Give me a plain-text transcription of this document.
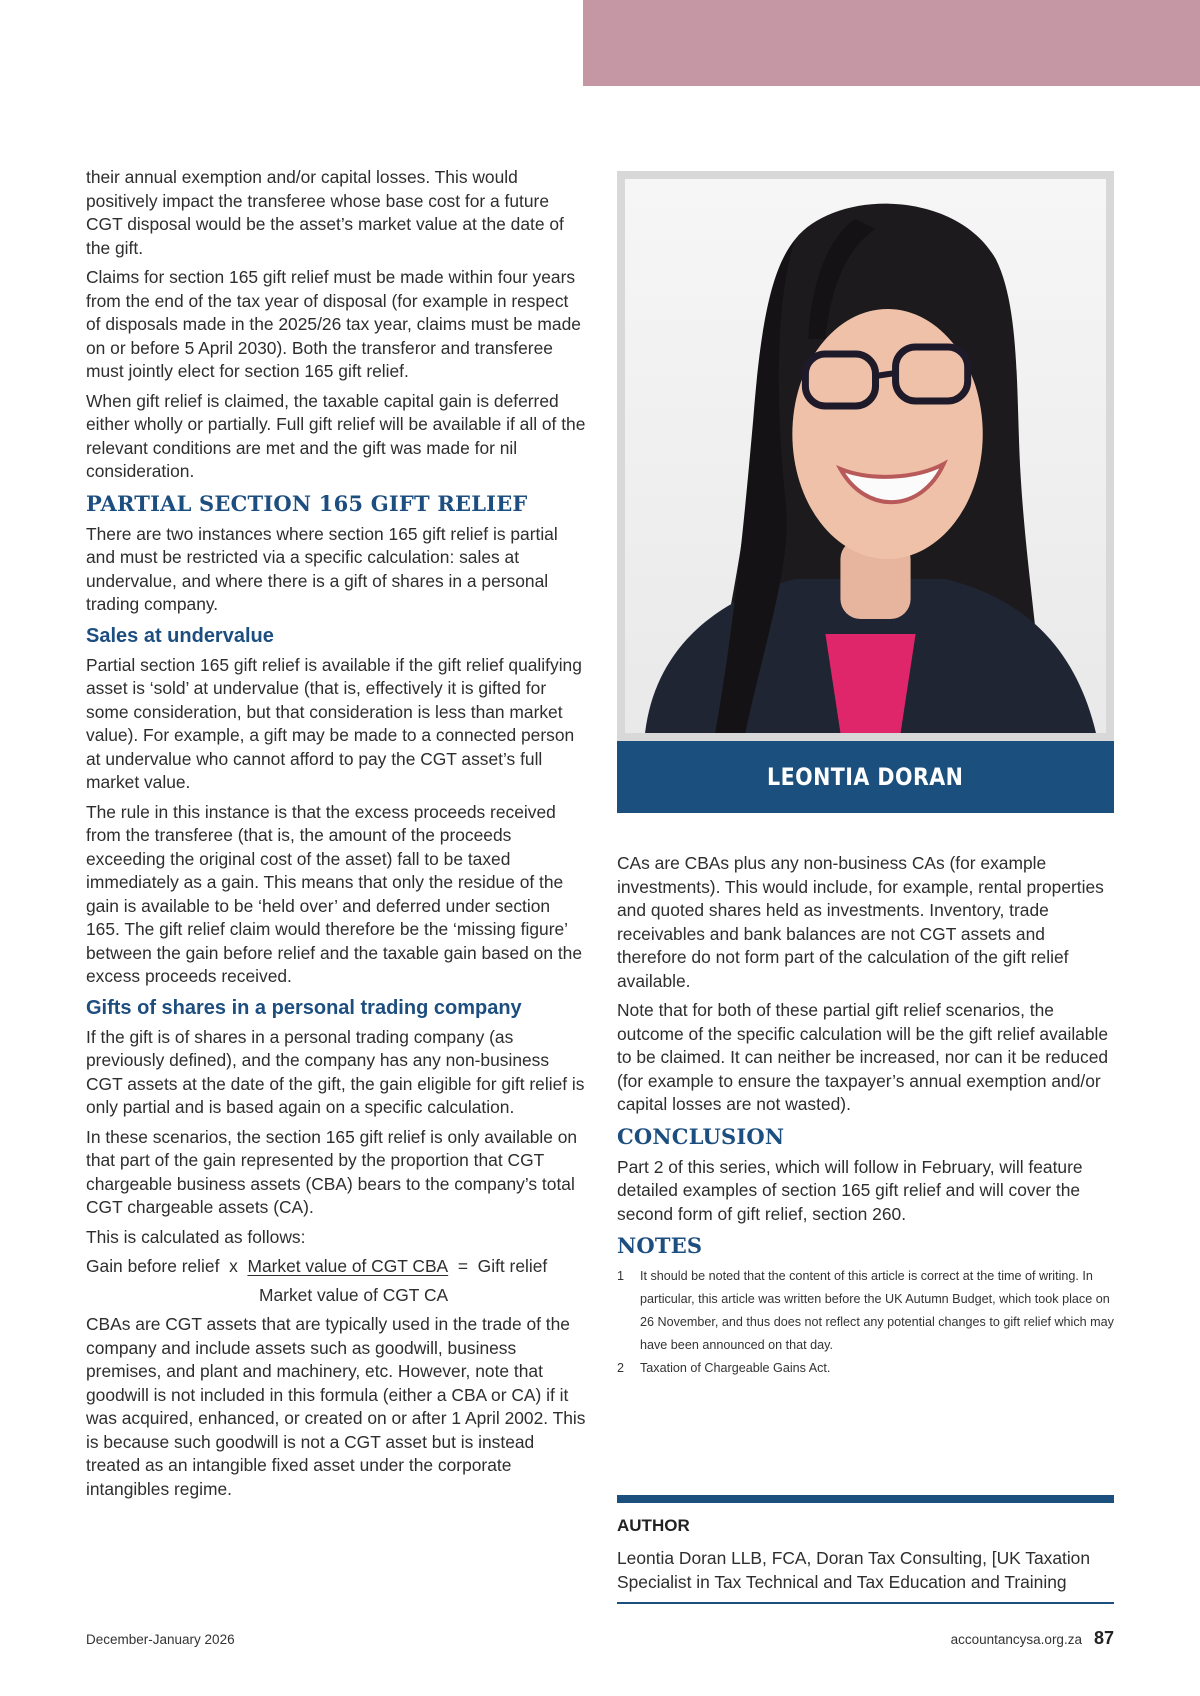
their annual exemption and/or capital losses. This would positively impact the transferee whose base cost for a future CGT disposal would be the asset’s market value at the date of the gift.

Claims for section 165 gift relief must be made within four years from the end of the tax year of disposal (for example in respect of disposals made in the 2025/26 tax year, claims must be made on or before 5 April 2030). Both the transferor and transferee must jointly elect for section 165 gift relief.

When gift relief is claimed, the taxable capital gain is deferred either wholly or partially. Full gift relief will be available if all of the relevant conditions are met and the gift was made for nil consideration.

PARTIAL SECTION 165 GIFT RELIEF

There are two instances where section 165 gift relief is partial and must be restricted via a specific calculation: sales at undervalue, and where there is a gift of shares in a personal trading company.

Sales at undervalue

Partial section 165 gift relief is available if the gift relief qualifying asset is ‘sold’ at undervalue (that is, effectively it is gifted for some consideration, but that consideration is less than market value). For example, a gift may be made to a connected person at undervalue who cannot afford to pay the CGT asset’s full market value.

The rule in this instance is that the excess proceeds received from the transferee (that is, the amount of the proceeds exceeding the original cost of the asset) fall to be taxed immediately as a gain. This means that only the residue of the gain is available to be ‘held over’ and deferred under section 165. The gift relief claim would therefore be the ‘missing figure’ between the gain before relief and the taxable gain based on the excess proceeds received.

Gifts of shares in a personal trading company

If the gift is of shares in a personal trading company (as previously defined), and the company has any non-business CGT assets at the date of the gift, the gain eligible for gift relief is only partial and is based again on a specific calculation.

In these scenarios, the section 165 gift relief is only available on that part of the gain represented by the proportion that CGT chargeable business assets (CBA) bears to the company’s total CGT chargeable assets (CA).

This is calculated as follows:

Gain before relief x Market value of CGT CBA = Gift relief
Market value of CGT CA

CBAs are CGT assets that are typically used in the trade of the company and include assets such as goodwill, business premises, and plant and machinery, etc. However, note that goodwill is not included in this formula (either a CBA or CA) if it was acquired, enhanced, or created on or after 1 April 2002. This is because such goodwill is not a CGT asset but is instead treated as an intangible fixed asset under the corporate intangibles regime.

LEONTIA DORAN

CAs are CBAs plus any non-business CAs (for example investments). This would include, for example, rental properties and quoted shares held as investments. Inventory, trade receivables and bank balances are not CGT assets and therefore do not form part of the calculation of the gift relief available.

Note that for both of these partial gift relief scenarios, the outcome of the specific calculation will be the gift relief available to be claimed. It can neither be increased, nor can it be reduced (for example to ensure the taxpayer’s annual exemption and/or capital losses are not wasted).

CONCLUSION

Part 2 of this series, which will follow in February, will feature detailed examples of section 165 gift relief and will cover the second form of gift relief, section 260.

NOTES
1 It should be noted that the content of this article is correct at the time of writing. In particular, this article was written before the UK Autumn Budget, which took place on 26 November, and thus does not reflect any potential changes to gift relief which may have been announced on that day.
2 Taxation of Chargeable Gains Act.
AUTHOR
Leontia Doran LLB, FCA, Doran Tax Consulting, [UK Taxation Specialist in Tax Technical and Tax Education and Training
December-January 2026	accountancysa.org.za 87
